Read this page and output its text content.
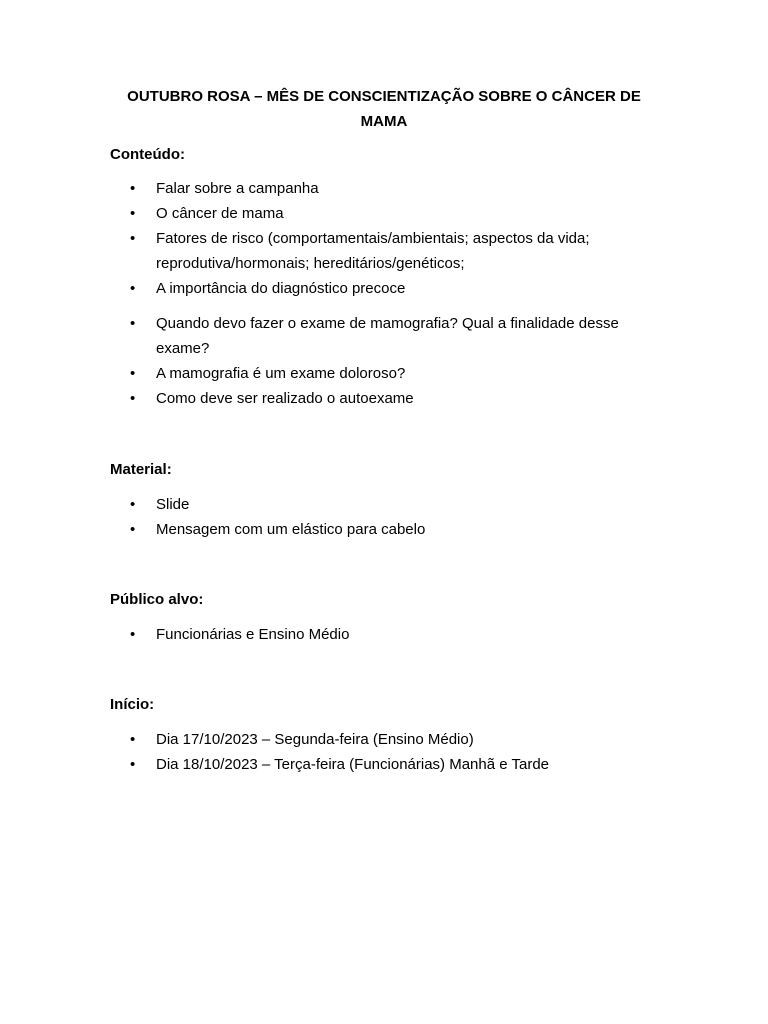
OUTUBRO ROSA – MÊS DE CONSCIENTIZAÇÃO SOBRE O CÂNCER DE MAMA

Conteúdo:

• Falar sobre a campanha
• O câncer de mama
• Fatores de risco (comportamentais/ambientais; aspectos da vida; reprodutiva/hormonais; hereditários/genéticos;
• A importância do diagnóstico precoce
• Quando devo fazer o exame de mamografia? Qual a finalidade desse exame?
• A mamografia é um exame doloroso?
• Como deve ser realizado o autoexame

Material:

• Slide
• Mensagem com um elástico para cabelo

Público alvo:

• Funcionárias e Ensino Médio

Início:

• Dia 17/10/2023 – Segunda-feira (Ensino Médio)
• Dia 18/10/2023 – Terça-feira (Funcionárias) Manhã e Tarde
